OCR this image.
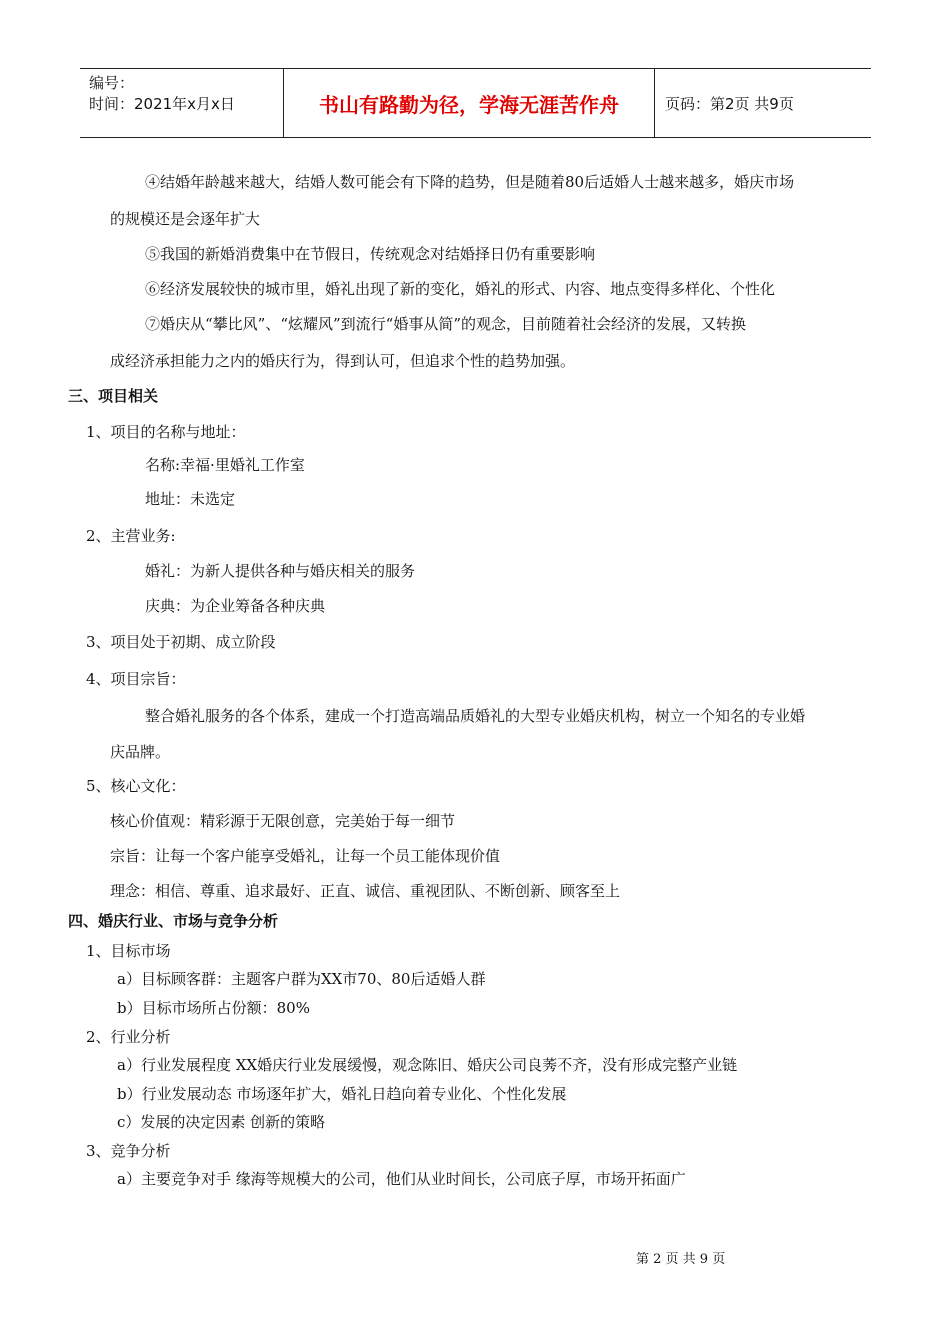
编号：
时间：2021年x月x日	书山有路勤为径，学海无涯苦作舟	页码：第2页 共9页
④结婚年龄越来越大，结婚人数可能会有下降的趋势，但是随着80后适婚人士越来越多，婚庆市场
的规模还是会逐年扩大
⑤我国的新婚消费集中在节假日，传统观念对结婚择日仍有重要影响
⑥经济发展较快的城市里，婚礼出现了新的变化，婚礼的形式、内容、地点变得多样化、个性化
⑦婚庆从“攀比风”、“炫耀风”到流行“婚事从简”的观念，目前随着社会经济的发展，又转换
成经济承担能力之内的婚庆行为，得到认可，但追求个性的趋势加强。
三、项目相关
1、项目的名称与地址：
名称:幸福·里婚礼工作室
地址：未选定
2、主营业务:
婚礼：为新人提供各种与婚庆相关的服务
庆典：为企业筹备各种庆典
3、项目处于初期、成立阶段
4、项目宗旨：
整合婚礼服务的各个体系，建成一个打造高端品质婚礼的大型专业婚庆机构，树立一个知名的专业婚
庆品牌。
5、核心文化：
核心价值观：精彩源于无限创意，完美始于每一细节
宗旨：让每一个客户能享受婚礼，让每一个员工能体现价值
理念：相信、尊重、追求最好、正直、诚信、重视团队、不断创新、顾客至上
四、婚庆行业、市场与竞争分析
1、目标市场
a）目标顾客群：主题客户群为XX市70、80后适婚人群
b）目标市场所占份额：80%
2、行业分析
a）行业发展程度 XX婚庆行业发展缓慢，观念陈旧、婚庆公司良莠不齐，没有形成完整产业链
b）行业发展动态 市场逐年扩大，婚礼日趋向着专业化、个性化发展
c）发展的决定因素 创新的策略
3、竞争分析
a）主要竞争对手 缘海等规模大的公司，他们从业时间长，公司底子厚，市场开拓面广
第 2 页 共 9 页
